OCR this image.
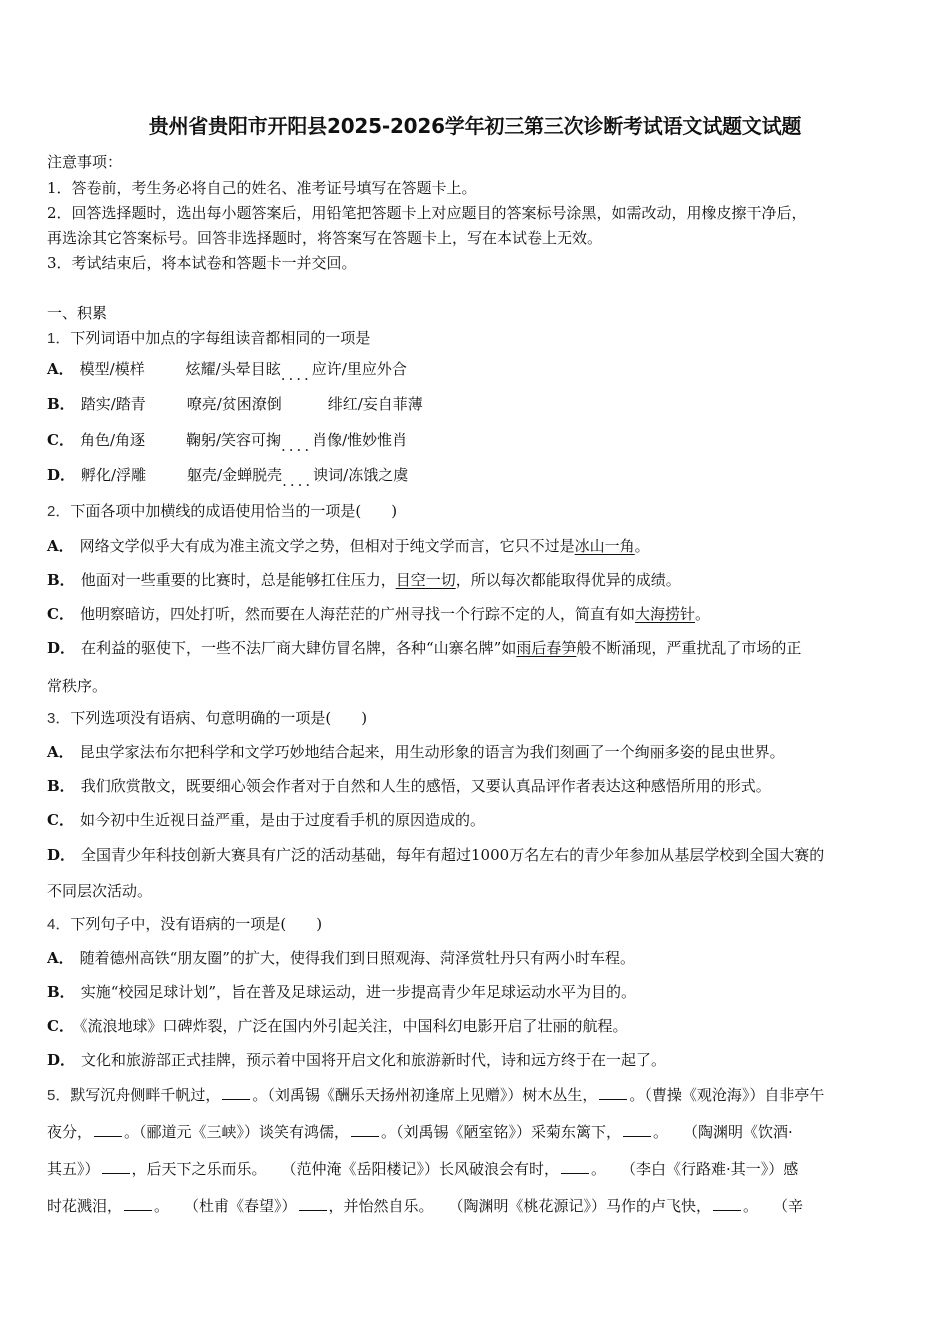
贵州省贵阳市开阳县2025-2026学年初三第三次诊断考试语文试题文试题
注意事项：
1．答卷前，考生务必将自己的姓名、准考证号填写在答题卡上。
2．回答选择题时，选出每小题答案后，用铅笔把答题卡上对应题目的答案标号涂黑，如需改动，用橡皮擦干净后，
再选涂其它答案标号。回答非选择题时，将答案写在答题卡上，写在本试卷上无效。
3．考试结束后，将本试卷和答题卡一并交回。
一、积累
1．下列词语中加点的字每组读音都相同的一项是
A． 模型/模样	炫耀/头晕目眩....应许/里应外合
B． 踏实/踏青	嘹亮/贫困潦倒	绯红/妄自菲薄
C． 角色/角逐	鞠躬/笑容可掬....肖像/惟妙惟肖
D． 孵化/浮雕	躯壳/金蝉脱壳....谀词/冻饿之虞
2．下面各项中加横线的成语使用恰当的一项是(　　)
A． 网络文学似乎大有成为准主流文学之势，但相对于纯文学而言，它只不过是冰山一角。
B． 他面对一些重要的比赛时，总是能够扛住压力，目空一切，所以每次都能取得优异的成绩。
C． 他明察暗访，四处打听，然而要在人海茫茫的广州寻找一个行踪不定的人，简直有如大海捞针。
D． 在利益的驱使下，一些不法厂商大肆仿冒名牌，各种“山寨名牌”如雨后春笋般不断涌现，严重扰乱了市场的正
常秩序。
3．下列选项没有语病、句意明确的一项是(　　)
A． 昆虫学家法布尔把科学和文学巧妙地结合起来，用生动形象的语言为我们刻画了一个绚丽多姿的昆虫世界。
B． 我们欣赏散文，既要细心领会作者对于自然和人生的感悟，又要认真品评作者表达这种感悟所用的形式。
C． 如今初中生近视日益严重，是由于过度看手机的原因造成的。
D． 全国青少年科技创新大赛具有广泛的活动基础，每年有超过1000万名左右的青少年参加从基层学校到全国大赛的
不同层次活动。
4．下列句子中，没有语病的一项是(　　)
A． 随着德州高铁“朋友圈”的扩大，使得我们到日照观海、菏泽赏牡丹只有两小时车程。
B． 实施“校园足球计划”，旨在普及足球运动，进一步提高青少年足球运动水平为目的。
C． 《流浪地球》口碑炸裂，广泛在国内外引起关注，中国科幻电影开启了壮丽的航程。
D． 文化和旅游部正式挂牌，预示着中国将开启文化和旅游新时代，诗和远方终于在一起了。
5．默写沉舟侧畔千帆过， 。（刘禹锡《酬乐天扬州初逢席上见赠》）树木丛生， 。（曹操《观沧海》）自非亭午
夜分， 。（郦道元《三峡》）谈笑有鸿儒， 。（刘禹锡《陋室铭》）采菊东篱下， 。　　（陶渊明《饮酒·
其五》） ，后天下之乐而乐。　　（范仲淹《岳阳楼记》）长风破浪会有时， 。　　（李白《行路难·其一》）感
时花溅泪， 。　　（杜甫《春望》） ，并怡然自乐。　　（陶渊明《桃花源记》）马作的卢飞快， 。　　（辛
